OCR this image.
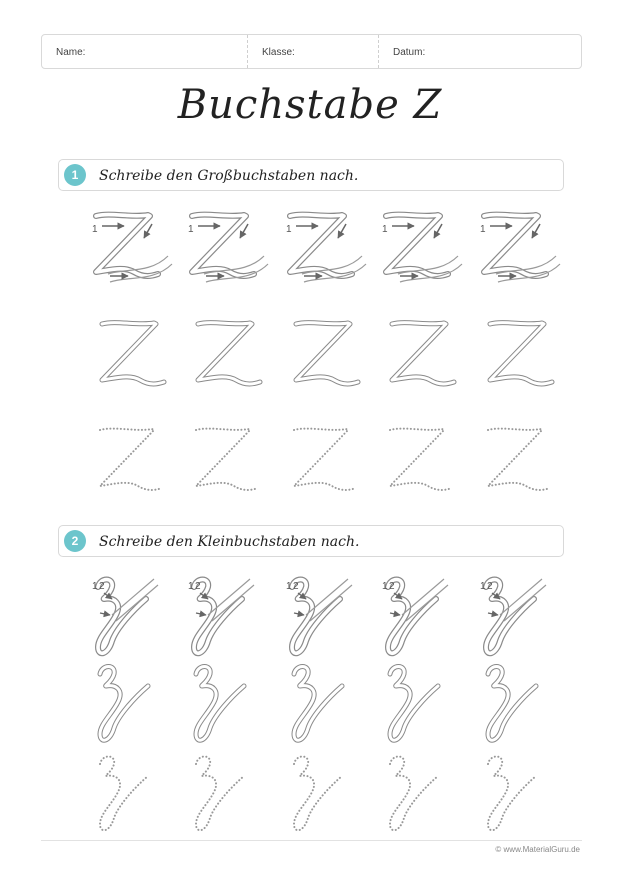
Name:	Klasse:	Datum:
Buchstabe Z
1	Schreibe den Großbuchstaben nach.
2	Schreibe den Kleinbuchstaben nach.
1
1 2
1
1 2
1
1 2
1
1 2
1
1 2
© www.MaterialGuru.de
